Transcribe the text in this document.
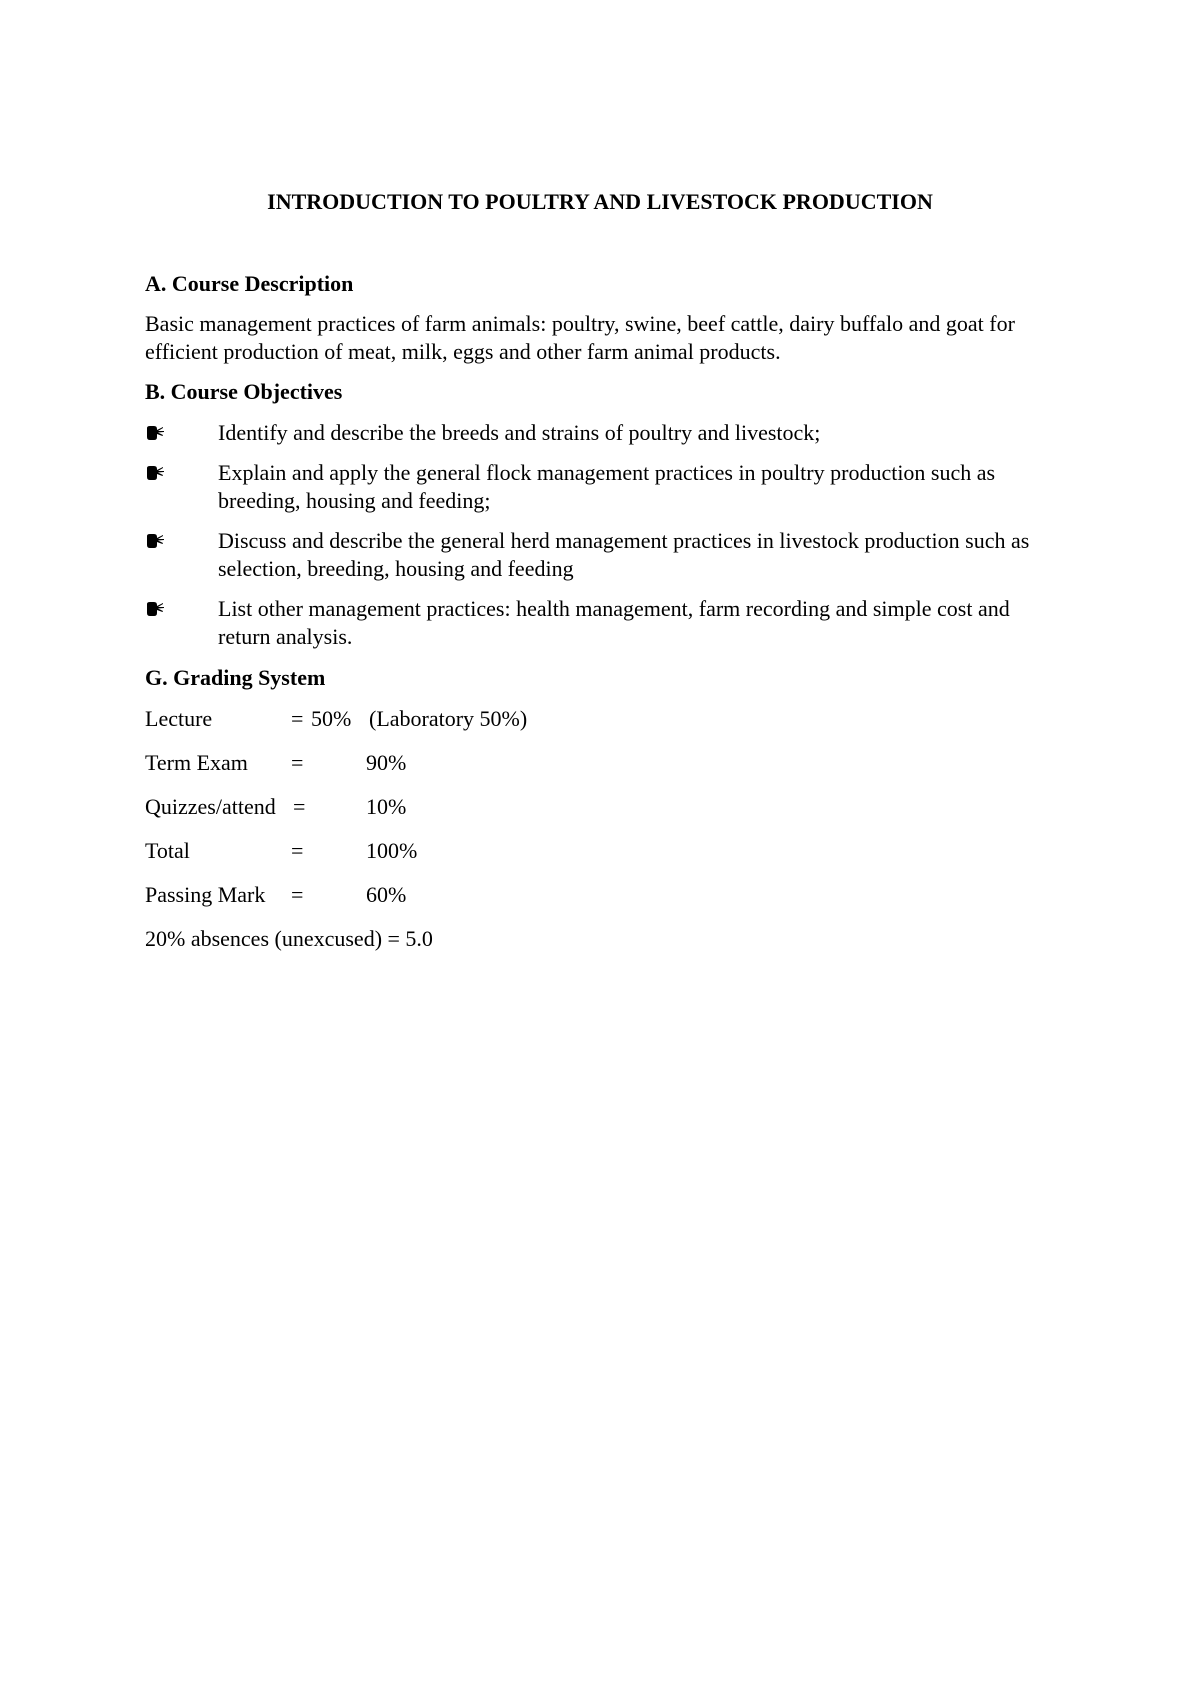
INTRODUCTION TO POULTRY AND LIVESTOCK PRODUCTION
A. Course Description
Basic management practices of farm animals: poultry, swine, beef cattle, dairy buffalo and goat for efficient production of meat, milk, eggs and other farm animal products.
B. Course Objectives
Identify and describe the breeds and strains of poultry and livestock;
Explain and apply the general flock management practices in poultry production such as breeding, housing and feeding;
Discuss and describe the general herd management practices in livestock production such as selection, breeding, housing and feeding
List other management practices: health management, farm recording and simple cost and return analysis.
G. Grading System
Lecture	= 50% (Laboratory 50%)
Term Exam =	90%
Quizzes/attend =	10%
Total	=	100%
Passing Mark =	60%
20% absences (unexcused) = 5.0
